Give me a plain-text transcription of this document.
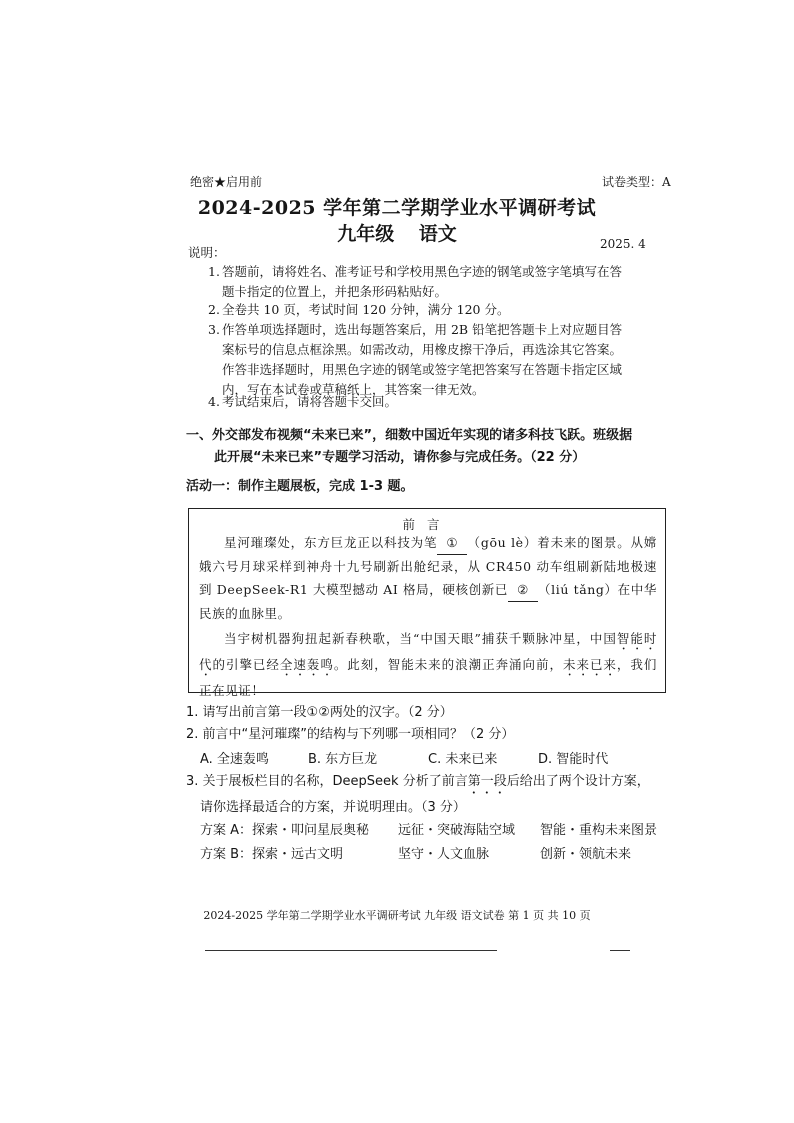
绝密★启用前	试卷类型：A
2024-2025 学年第二学期学业水平调研考试
九年级 语文	2025. 4
说明：
1. 答题前，请将姓名、准考证号和学校用黑色字迹的钢笔或签字笔填写在答
题卡指定的位置上，并把条形码粘贴好。
2. 全卷共 10 页，考试时间 120 分钟，满分 120 分。
3. 作答单项选择题时，选出每题答案后，用 2B 铅笔把答题卡上对应题目答
案标号的信息点框涂黑。如需改动，用橡皮擦干净后，再选涂其它答案。
作答非选择题时，用黑色字迹的钢笔或签字笔把答案写在答题卡指定区域
内，写在本试卷或草稿纸上，其答案一律无效。
4. 考试结束后，请将答题卡交回。
一、外交部发布视频“未来已来”，细数中国近年实现的诸多科技飞跃。班级据
此开展“未来已来”专题学习活动，请你参与完成任务。（22 分）
活动一：制作主题展板，完成 1-3 题。
前言
星河璀璨处，东方巨龙正以科技为笔 ① （gōu lè）着未来的图景。从嫦娥六号月球采样到神舟十九号刷新出舱纪录，从 CR450 动车组刷新陆地极速到 DeepSeek-R1 大模型撼动 AI 格局，硬核创新已 ② （liú tǎng）在中华民族的血脉里。
当宇树机器狗扭起新春秧歌，当“中国天眼”捕获千颗脉冲星，中国智能时代的引擎已经全速轰鸣。此刻，智能未来的浪潮正奔涌向前，未来已来，我们正在见证！
1. 请写出前言第一段①②两处的汉字。（2 分）
2. 前言中“星河璀璨”的结构与下列哪一项相同？（2 分）
A. 全速轰鸣	B. 东方巨龙	C. 未来已来	D. 智能时代
3. 关于展板栏目的名称，DeepSeek 分析了前言第一段后给出了两个设计方案，
请你选择最适合的方案，并说明理由。（3 分）
方案 A： 探索・叩问星辰奥秘 远征・突破海陆空域 智能・重构未来图景
方案 B： 探索・远古文明	坚守・人文血脉	创新・领航未来
2024-2025 学年第二学期学业水平调研考试 九年级 语文试卷 第 1 页 共 10 页
